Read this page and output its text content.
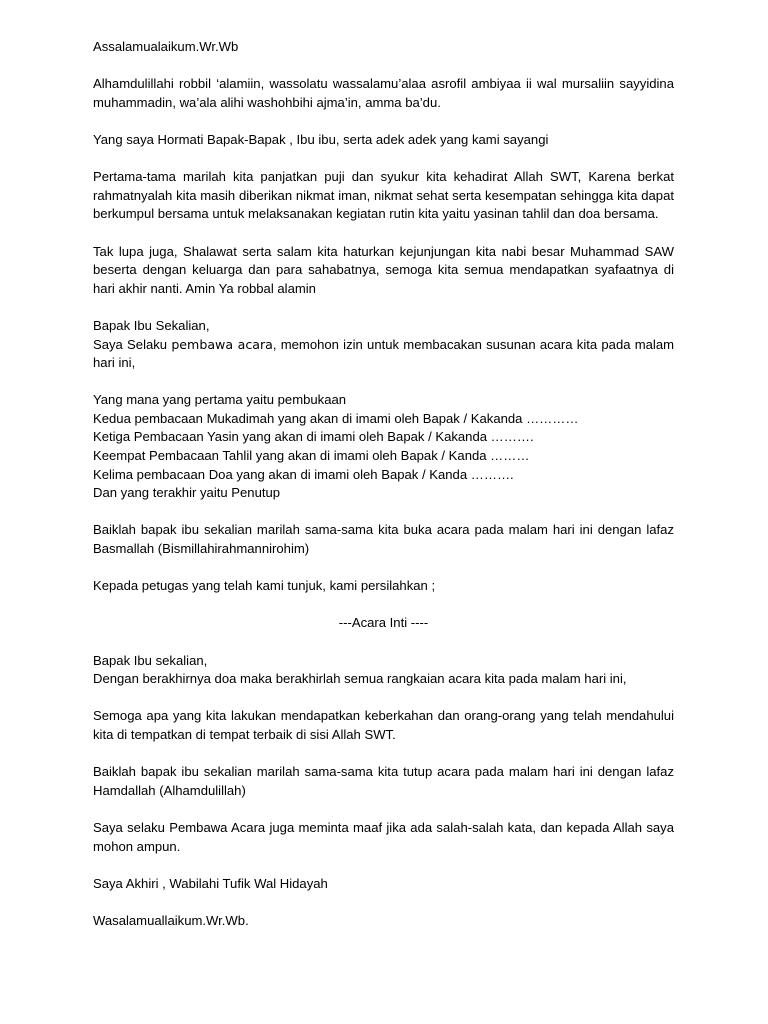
Assalamualaikum.Wr.Wb

Alhamdulillahi robbil ‘alamiin, wassolatu wassalamu’alaa asrofil ambiyaa ii wal mursaliin sayyidina muhammadin, wa’ala alihi washohbihi ajma’in, amma ba’du.

Yang saya Hormati Bapak-Bapak , Ibu ibu, serta adek adek yang kami sayangi

Pertama-tama marilah kita panjatkan puji dan syukur kita kehadirat Allah SWT, Karena berkat rahmatnyalah kita masih diberikan nikmat iman, nikmat sehat serta kesempatan sehingga kita dapat berkumpul bersama untuk melaksanakan kegiatan rutin kita yaitu yasinan tahlil dan doa bersama.

Tak lupa juga, Shalawat serta salam kita haturkan kejunjungan kita nabi besar Muhammad SAW beserta dengan keluarga dan para sahabatnya, semoga kita semua mendapatkan syafaatnya di hari akhir nanti. Amin Ya robbal alamin

Bapak Ibu Sekalian,
Saya Selaku pembawa acara, memohon izin untuk membacakan susunan acara kita pada malam hari ini,
Yang mana yang pertama yaitu pembukaan
Kedua pembacaan Mukadimah yang akan di imami oleh Bapak / Kakanda …………
Ketiga Pembacaan Yasin yang akan di imami oleh Bapak / Kakanda ……….
Keempat Pembacaan Tahlil yang akan di imami oleh Bapak / Kanda ………
Kelima pembacaan Doa yang akan di imami oleh Bapak / Kanda ……….
Dan yang terakhir yaitu Penutup

Baiklah bapak ibu sekalian marilah sama-sama kita buka acara pada malam hari ini dengan lafaz Basmallah (Bismillahirahmannirohim)

Kepada petugas yang telah kami tunjuk, kami persilahkan ;

---Acara Inti ----

Bapak Ibu sekalian,
Dengan berakhirnya doa maka berakhirlah semua rangkaian acara kita pada malam hari ini,

Semoga apa yang kita lakukan mendapatkan keberkahan dan orang-orang yang telah mendahului kita di tempatkan di tempat terbaik di sisi Allah SWT.

Baiklah bapak ibu sekalian marilah sama-sama kita tutup acara pada malam hari ini dengan lafaz Hamdallah (Alhamdulillah)

Saya selaku Pembawa Acara juga meminta maaf jika ada salah-salah kata, dan kepada Allah saya mohon ampun.

Saya Akhiri , Wabilahi Tufik Wal Hidayah

Wasalamuallaikum.Wr.Wb.
